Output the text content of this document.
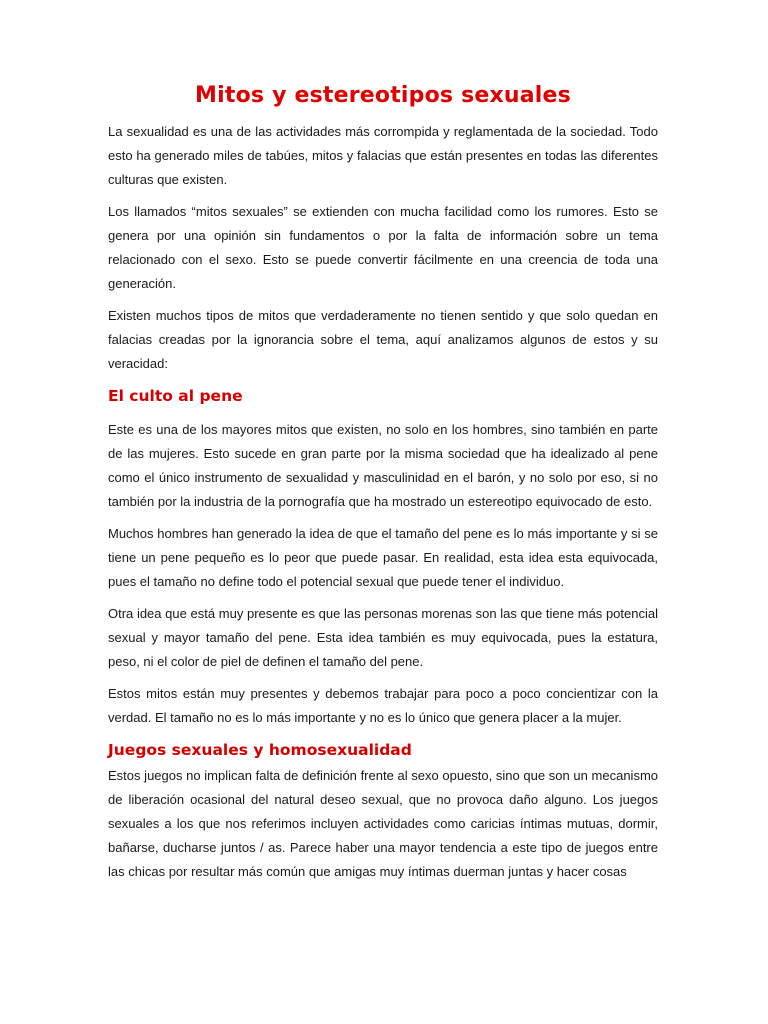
Mitos y estereotipos sexuales

La sexualidad es una de las actividades más corrompida y reglamentada de la sociedad. Todo esto ha generado miles de tabúes, mitos y falacias que están presentes en todas las diferentes culturas que existen.

Los llamados “mitos sexuales” se extienden con mucha facilidad como los rumores. Esto se genera por una opinión sin fundamentos o por la falta de información sobre un tema relacionado con el sexo. Esto se puede convertir fácilmente en una creencia de toda una generación.

Existen muchos tipos de mitos que verdaderamente no tienen sentido y que solo quedan en falacias creadas por la ignorancia sobre el tema, aquí analizamos algunos de estos y su veracidad:

El culto al pene

Este es una de los mayores mitos que existen, no solo en los hombres, sino también en parte de las mujeres. Esto sucede en gran parte por la misma sociedad que ha idealizado al pene como el único instrumento de sexualidad y masculinidad en el barón, y no solo por eso, si no también por la industria de la pornografía que ha mostrado un estereotipo equivocado de esto.

Muchos hombres han generado la idea de que el tamaño del pene es lo más importante y si se tiene un pene pequeño es lo peor que puede pasar. En realidad, esta idea esta equivocada, pues el tamaño no define todo el potencial sexual que puede tener el individuo.

Otra idea que está muy presente es que las personas morenas son las que tiene más potencial sexual y mayor tamaño del pene. Esta idea también es muy equivocada, pues la estatura, peso, ni el color de piel de definen el tamaño del pene.

Estos mitos están muy presentes y debemos trabajar para poco a poco concientizar con la verdad. El tamaño no es lo más importante y no es lo único que genera placer a la mujer.

Juegos sexuales y homosexualidad

Estos juegos no implican falta de definición frente al sexo opuesto, sino que son un mecanismo de liberación ocasional del natural deseo sexual, que no provoca daño alguno. Los juegos sexuales a los que nos referimos incluyen actividades como caricias íntimas mutuas, dormir, bañarse, ducharse juntos / as. Parece haber una mayor tendencia a este tipo de juegos entre las chicas por resultar más común que amigas muy íntimas duerman juntas y hacer cosas
